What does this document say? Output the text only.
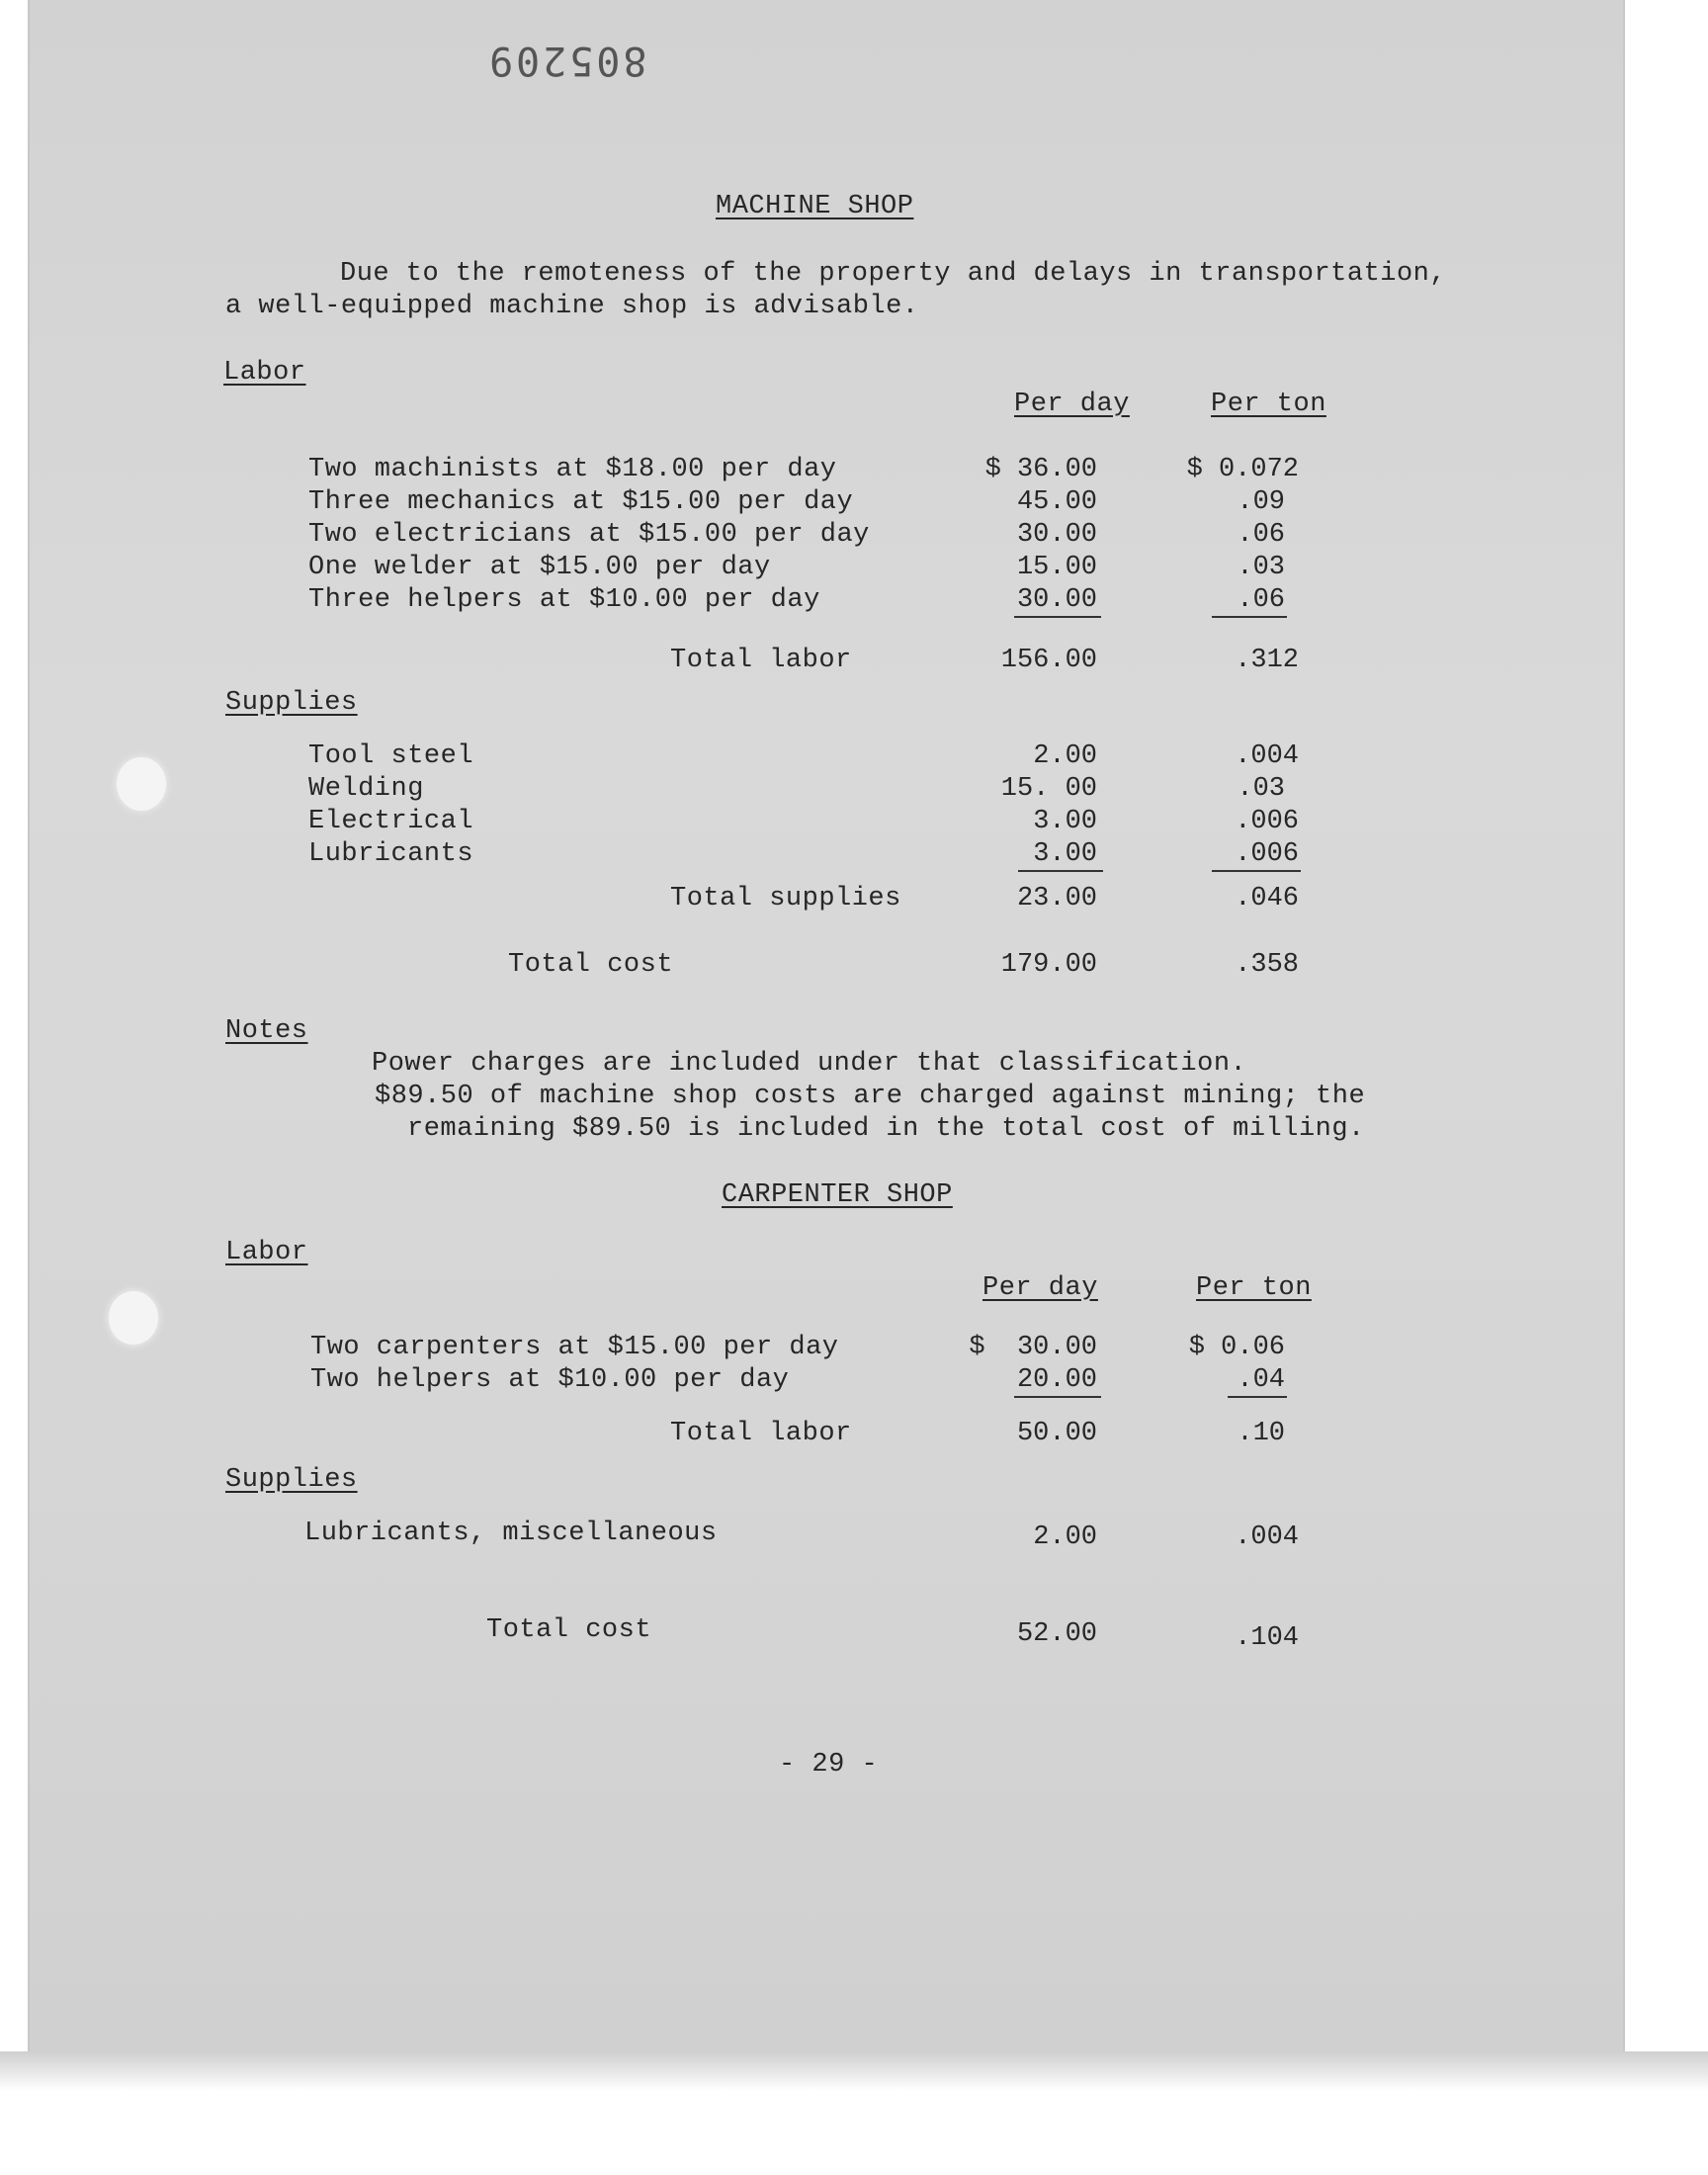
805209
MACHINE SHOP
Due to the remoteness of the property and delays in transportation,
a well-equipped machine shop is advisable.
Labor
Per day	Per ton
Two machinists at $18.00 per day	$ 36.00	$ 0.072
Three mechanics at $15.00 per day	45.00	.09
Two electricians at $15.00 per day	30.00	.06
One welder at $15.00 per day	15.00	.03
Three helpers at $10.00 per day	30.00	.06
Total labor	156.00	.312
Supplies
Tool steel	2.00	.004
Welding	15. 00	.03
Electrical	3.00	.006
Lubricants	3.00	.006
Total supplies	23.00	.046
Total cost	179.00	.358
Notes
Power charges are included under that classification.
$89.50 of machine shop costs are charged against mining; the
remaining $89.50 is included in the total cost of milling.
CARPENTER SHOP
Labor
Per day	Per ton
Two carpenters at $15.00 per day	$  30.00	$ 0.06
Two helpers at $10.00 per day	20.00	.04
Total labor	50.00	.10
Supplies
Lubricants, miscellaneous	2.00	.004
Total cost	52.00	.104
- 29 -
